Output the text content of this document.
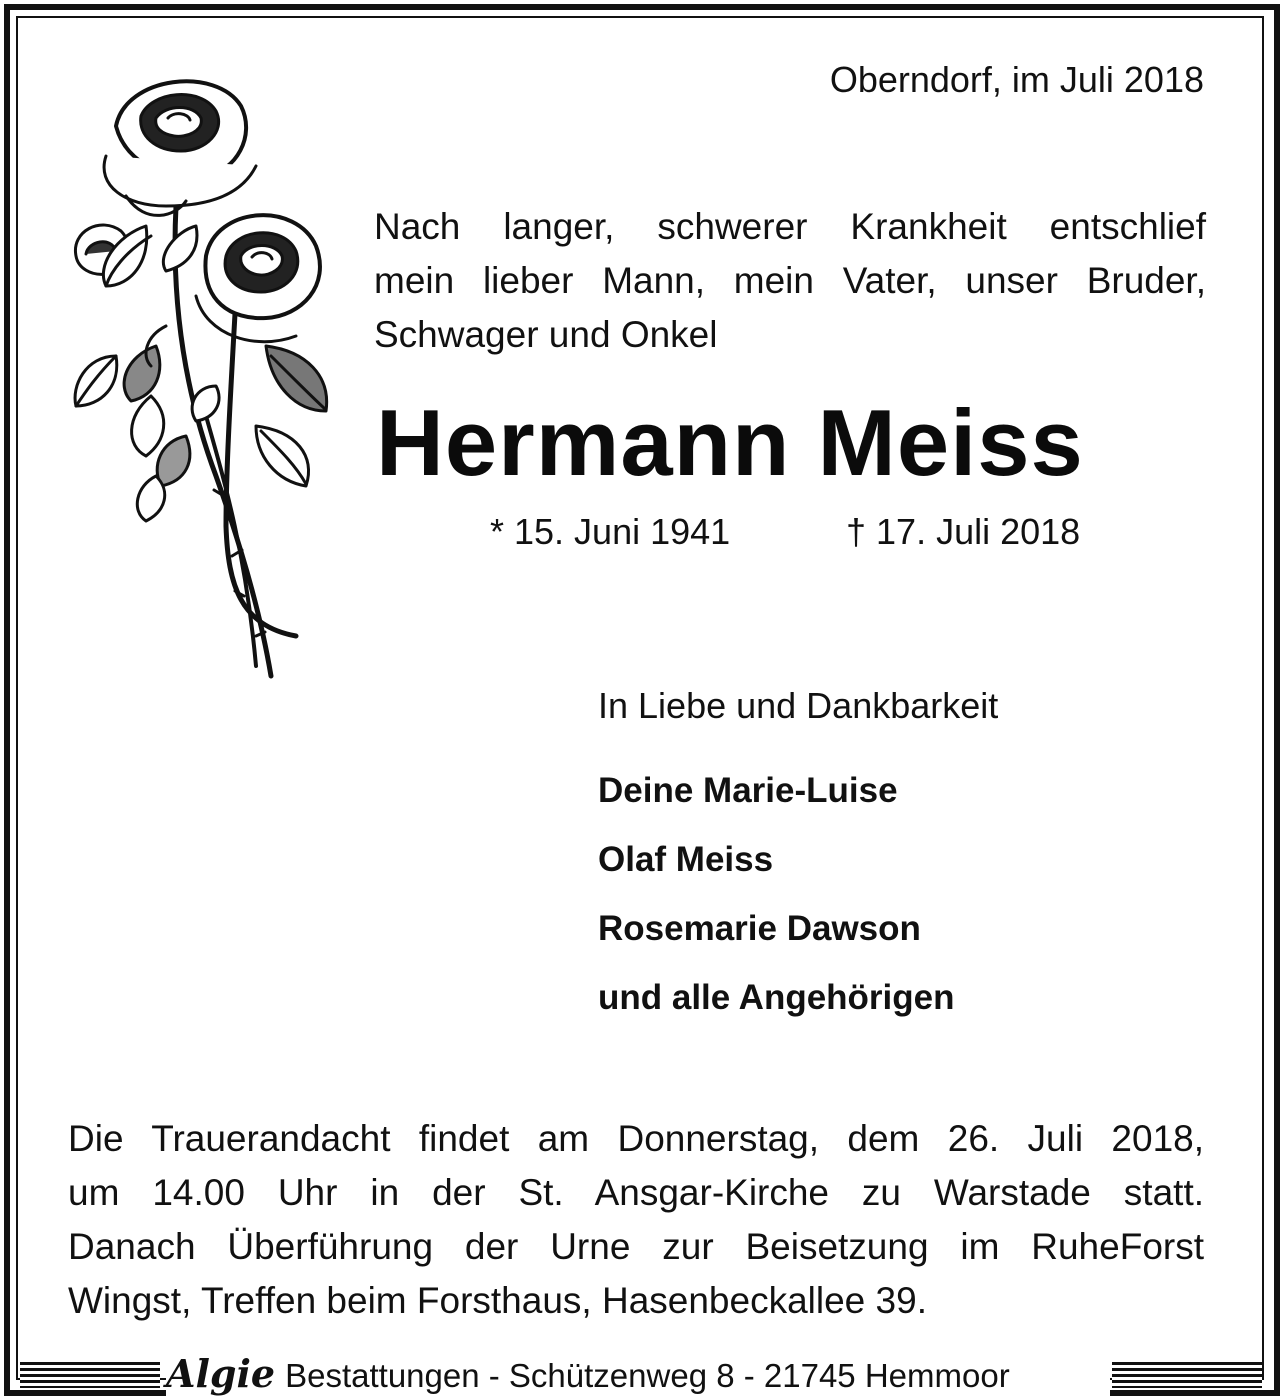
Oberndorf, im Juli 2018
Nach langer, schwerer Krankheit entschlief
mein lieber Mann, mein Vater, unser Bruder,
Schwager und Onkel
Hermann Meiss
* 15. Juni 1941	† 17. Juli 2018
In Liebe und Dankbarkeit
Deine Marie-Luise
Olaf Meiss
Rosemarie Dawson
und alle Angehörigen
Die Trauerandacht findet am Donnerstag, dem 26. Juli 2018,
um 14.00 Uhr in der St. Ansgar-Kirche zu Warstade statt.
Danach Überführung der Urne zur Beisetzung im RuheForst
Wingst, Treffen beim Forsthaus, Hasenbeckallee 39.
Algie Bestattungen - Schützenweg 8 - 21745 Hemmoor
